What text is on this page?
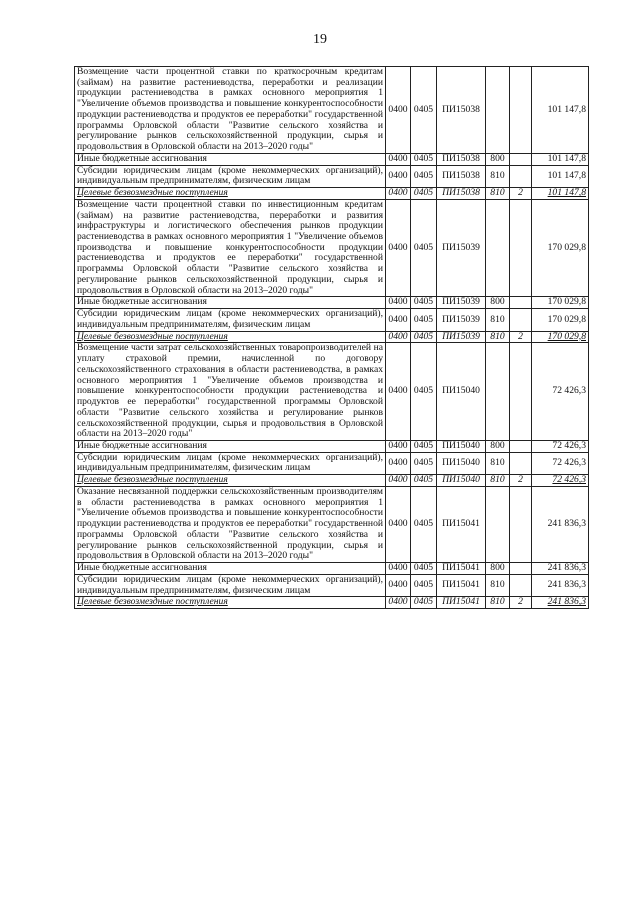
19
Возмещение части процентной ставки по краткосрочным кредитам (займам) на развитие растениеводства, переработки и реализации продукции растениеводства в рамках основного мероприятия 1 "Увеличение объемов производства и повышение конкурентоспособности продукции растениеводства и продуктов ее переработки" государственной программы Орловской области "Развитие сельского хозяйства и регулирование рынков сельскохозяйственной продукции, сырья и продовольствия в Орловской области на 2013–2020 годы"	0400	0405	ПИ15038			101 147,8
Иные бюджетные ассигнования	0400	0405	ПИ15038	800		101 147,8
Субсидии юридическим лицам (кроме некоммерческих организаций), индивидуальным предпринимателям, физическим лицам	0400	0405	ПИ15038	810		101 147,8
Целевые безвозмездные поступления	0400	0405	ПИ15038	810	2	101 147,8
Возмещение части процентной ставки по инвестиционным кредитам (займам) на развитие растениеводства, переработки и развития инфраструктуры и логистического обеспечения рынков продукции растениеводства в рамках основного мероприятия 1 "Увеличение объемов производства и повышение конкурентоспособности продукции растениеводства и продуктов ее переработки" государственной программы Орловской области "Развитие сельского хозяйства и регулирование рынков сельскохозяйственной продукции, сырья и продовольствия в Орловской области на 2013–2020 годы"	0400	0405	ПИ15039			170 029,8
Иные бюджетные ассигнования	0400	0405	ПИ15039	800		170 029,8
Субсидии юридическим лицам (кроме некоммерческих организаций), индивидуальным предпринимателям, физическим лицам	0400	0405	ПИ15039	810		170 029,8
Целевые безвозмездные поступления	0400	0405	ПИ15039	810	2	170 029,8
Возмещение части затрат сельскохозяйственных товаропроизводителей на уплату страховой премии, начисленной по договору сельскохозяйственного страхования в области растениеводства, в рамках основного мероприятия 1 "Увеличение объемов производства и повышение конкурентоспособности продукции растениеводства и продуктов ее переработки" государственной программы Орловской области "Развитие сельского хозяйства и регулирование рынков сельскохозяйственной продукции, сырья и продовольствия в Орловской области на 2013–2020 годы"	0400	0405	ПИ15040			72 426,3
Иные бюджетные ассигнования	0400	0405	ПИ15040	800		72 426,3
Субсидии юридическим лицам (кроме некоммерческих организаций), индивидуальным предпринимателям, физическим лицам	0400	0405	ПИ15040	810		72 426,3
Целевые безвозмездные поступления	0400	0405	ПИ15040	810	2	72 426,3
Оказание несвязанной поддержки сельскохозяйственным производителям в области растениеводства в рамках основного мероприятия 1 "Увеличение объемов производства и повышение конкурентоспособности продукции растениеводства и продуктов ее переработки" государственной программы Орловской области "Развитие сельского хозяйства и регулирование рынков сельскохозяйственной продукции, сырья и продовольствия в Орловской области на 2013–2020 годы"	0400	0405	ПИ15041			241 836,3
Иные бюджетные ассигнования	0400	0405	ПИ15041	800		241 836,3
Субсидии юридическим лицам (кроме некоммерческих организаций), индивидуальным предпринимателям, физическим лицам	0400	0405	ПИ15041	810		241 836,3
Целевые безвозмездные поступления	0400	0405	ПИ15041	810	2	241 836,3
